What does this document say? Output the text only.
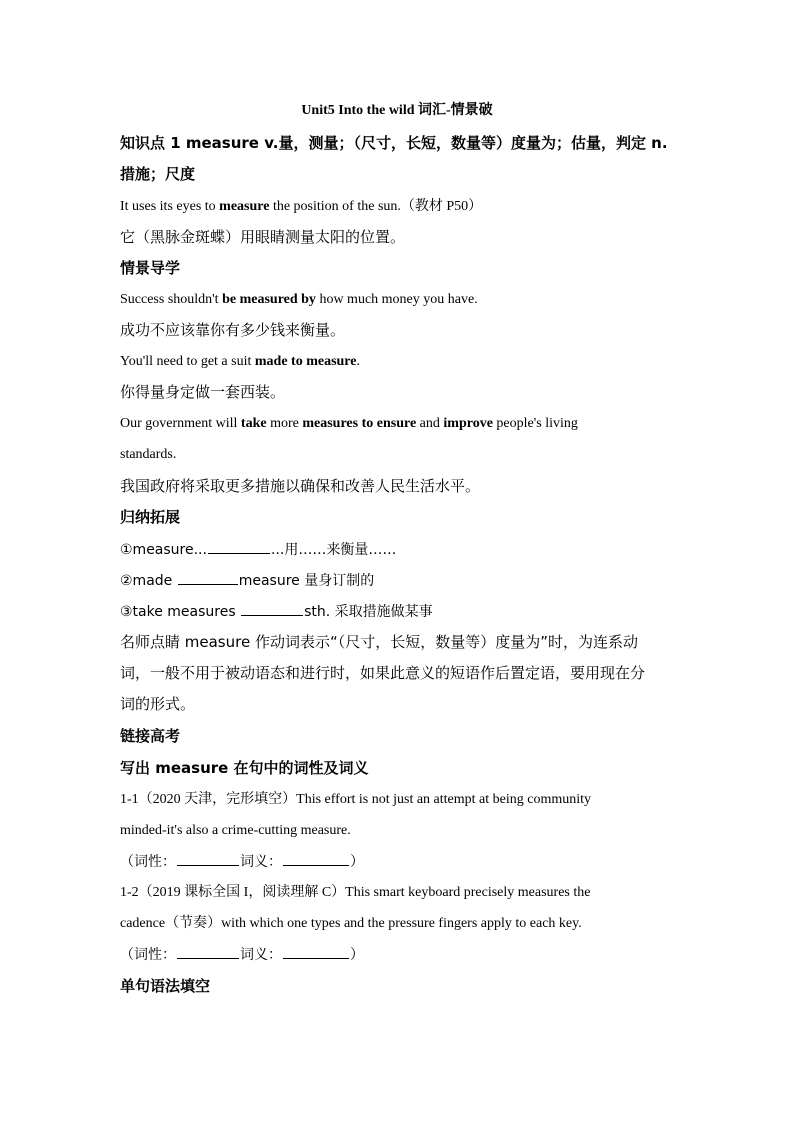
Unit5 Into the wild 词汇-情景破
知识点 1 measure v.量，测量；（尺寸，长短，数量等）度量为；估量，判定 n.
措施；尺度
It uses its eyes to measure the position of the sun.（教材 P50）
它（黑脉金斑蝶）用眼睛测量太阳的位置。
情景导学
Success shouldn't be measured by how much money you have.
成功不应该靠你有多少钱来衡量。
You'll need to get a suit made to measure.
你得量身定做一套西装。
Our government will take more measures to ensure and improve people's living
standards.
我国政府将采取更多措施以确保和改善人民生活水平。
归纳拓展
①measure...	...用……来衡量……
②made	measure 量身订制的
③take measures	sth. 采取措施做某事
名师点睛 measure 作动词表示“（尺寸，长短，数量等）度量为”时，为连系动
词，一般不用于被动语态和进行时，如果此意义的短语作后置定语，要用现在分
词的形式。
链接高考
写出 measure 在句中的词性及词义
1-1（2020 天津，完形填空）This effort is not just an attempt at being community
minded-it's also a crime-cutting measure.
（词性：	词义：	）
1-2（2019 课标全国 I，阅读理解 C）This smart keyboard precisely measures the
cadence（节奏）with which one types and the pressure fingers apply to each key.
（词性：	词义：	）
单句语法填空
